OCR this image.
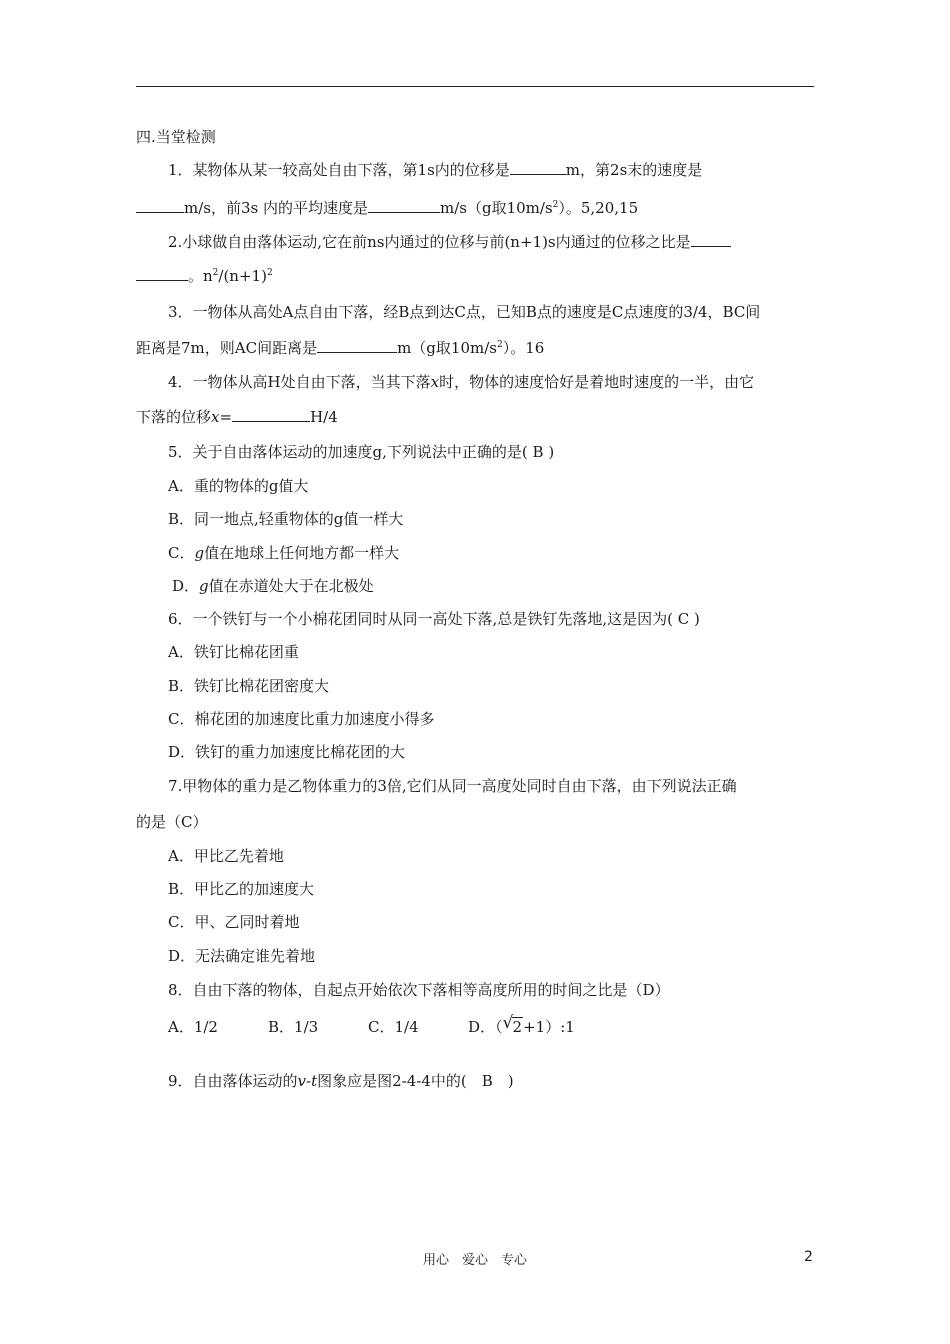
四.当堂检测
1．某物体从某一较高处自由下落，第1s内的位移是	m，第2s末的速度是
m/s，前3s 内的平均速度是	m/s（g取$10m/s^2$）。5,20,15
2.小球做自由落体运动,它在前ns内通过的位移与前(n+1)s内通过的位移之比是
。$n^2/(n+1)^2$
3．一物体从高处A点自由下落，经B点到达C点，已知B点的速度是C点速度的3/4，BC间
距离是7m，则AC间距离是	m（g取$10m/s^2$）。16
4．一物体从高H处自由下落，当其下落x时，物体的速度恰好是着地时速度的一半，由它
下落的位移x=	H/4
5．关于自由落体运动的加速度g,下列说法中正确的是( B )
A．重的物体的g值大
B．同一地点,轻重物体的g值一样大
C．g值在地球上任何地方都一样大
D．g值在赤道处大于在北极处
6．一个铁钉与一个小棉花团同时从同一高处下落,总是铁钉先落地,这是因为( C )
A．铁钉比棉花团重
B．铁钉比棉花团密度大
C．棉花团的加速度比重力加速度小得多
D．铁钉的重力加速度比棉花团的大
7.甲物体的重力是乙物体重力的3倍,它们从同一高度处同时自由下落，由下列说法正确
的是（C）
A．甲比乙先着地
B．甲比乙的加速度大
C．甲、乙同时着地
D．无法确定谁先着地
8．自由下落的物体，自起点开始依次下落相等高度所用的时间之比是（D）
A．1/2	B．1/3	C．1/4	D．（ √ 2+1）:1
9．自由落体运动的v-t图象应是图2-4-4中的(　B　)
用心　爱心　专心	2
